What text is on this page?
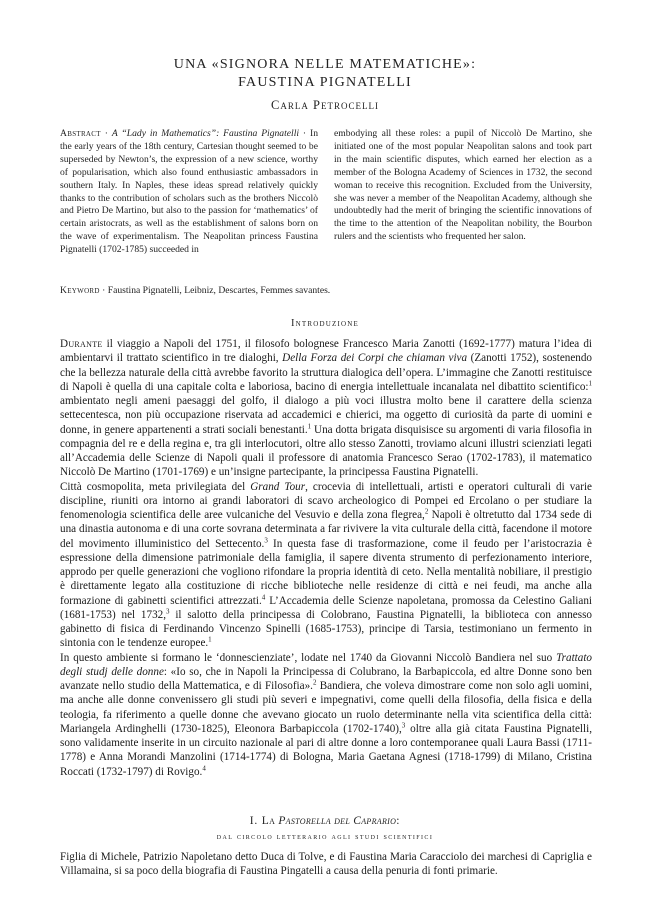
UNA «SIGNORA NELLE MATEMATICHE»:
FAUSTINA PIGNATELLI
Carla Petrocelli
Abstract · A “Lady in Mathematics”: Faustina Pignatelli · In the early years of the 18th century, Cartesian thought seemed to be superseded by Newton’s, the expression of a new science, worthy of popularisation, which also found enthusiastic ambassadors in southern Italy. In Naples, these ideas spread relatively quickly thanks to the contribution of scholars such as the brothers Niccolò and Pietro De Martino, but also to the passion for ‘mathematics’ of certain aristocrats, as well as the establishment of salons born on the wave of experimentalism. The Neapolitan princess Faustina Pignatelli (1702-1785) succeeded in
embodying all these roles: a pupil of Niccolò De Martino, she initiated one of the most popular Neapolitan salons and took part in the main scientific disputes, which earned her election as a member of the Bologna Academy of Sciences in 1732, the second woman to receive this recognition. Excluded from the University, she was never a member of the Neapolitan Academy, although she undoubtedly had the merit of bringing the scientific innovations of the time to the attention of the Neapolitan nobility, the Bourbon rulers and the scientists who frequented her salon.
Keyword · Faustina Pignatelli, Leibniz, Descartes, Femmes savantes.
Introduzione

Durante il viaggio a Napoli del 1751, il filosofo bolognese Francesco Maria Zanotti (1692-1777) matura l’idea di ambientarvi il trattato scientifico in tre dialoghi, Della Forza dei Corpi che chiaman viva (Zanotti 1752), sostenendo che la bellezza naturale della città avrebbe favorito la struttura dialogica dell’opera. L’immagine che Zanotti restituisce di Napoli è quella di una capitale colta e laboriosa, bacino di energia intellettuale incanalata nel dibattito scientifico:$^1$ ambientato negli ameni paesaggi del golfo, il dialogo a più voci illustra molto bene il carattere della scienza settecentesca, non più occupazione riservata ad accademici e chierici, ma oggetto di curiosità da parte di uomini e donne, in genere appartenenti a strati sociali benestanti.$^1$ Una dotta brigata disquisisce su argomenti di varia filosofia in compagnia del re e della regina e, tra gli interlocutori, oltre allo stesso Zanotti, troviamo alcuni illustri scienziati legati all’Accademia delle Scienze di Napoli quali il professore di anatomia Francesco Serao (1702-1783), il matematico Niccolò De Martino (1701-1769) e un’insigne partecipante, la principessa Faustina Pignatelli.

Città cosmopolita, meta privilegiata del Grand Tour, crocevia di intellettuali, artisti e operatori culturali di varie discipline, riuniti ora intorno ai grandi laboratori di scavo archeologico di Pompei ed Ercolano o per studiare la fenomenologia scientifica delle aree vulcaniche del Vesuvio e della zona flegrea,$^2$ Napoli è oltretutto dal 1734 sede di una dinastia autonoma e di una corte sovrana determinata a far rivivere la vita culturale della città, facendone il motore del movimento illuministico del Settecento.$^3$ In questa fase di trasformazione, come il feudo per l’aristocrazia è espressione della dimensione patrimoniale della famiglia, il sapere diventa strumento di perfezionamento interiore, approdo per quelle generazioni che vogliono rifondare la propria identità di ceto. Nella mentalità nobiliare, il prestigio è direttamente legato alla costituzione di ricche biblioteche nelle residenze di città e nei feudi, ma anche alla formazione di gabinetti scientifici attrezzati.$^4$ L’Accademia delle Scienze napoletana, promossa da Celestino Galiani (1681-1753) nel 1732,$^3$ il salotto della principessa di Colobrano, Faustina Pignatelli, la biblioteca con annesso gabinetto di fisica di Ferdinando Vincenzo Spinelli (1685-1753), principe di Tarsia, testimoniano un fermento in sintonia con le tendenze europee.$^1$

In questo ambiente si formano le ‘donnescienziate’, lodate nel 1740 da Giovanni Niccolò Bandiera nel suo Trattato degli studj delle donne: «Io so, che in Napoli la Principessa di Colubrano, la Barbapiccola, ed altre Donne sono ben avanzate nello studio della Mattematica, e di Filosofia».$^2$ Bandiera, che voleva dimostrare come non solo agli uomini, ma anche alle donne convenissero gli studi più severi e impegnativi, come quelli della filosofia, della fisica e della teologia, fa riferimento a quelle donne che avevano giocato un ruolo determinante nella vita scientifica della città: Mariangela Ardinghelli (1730-1825), Eleonora Barbapiccola (1702-1740),$^3$ oltre alla già citata Faustina Pignatelli, sono validamente inserite in un circuito nazionale al pari di altre donne a loro contemporanee quali Laura Bassi (1711-1778) e Anna Morandi Manzolini (1714-1774) di Bologna, Maria Gaetana Agnesi (1718-1799) di Milano, Cristina Roccati (1732-1797) di Rovigo.$^4$

I. La Pastorella del Caprario:
dal circolo letterario agli studi scientifici

Figlia di Michele, Patrizio Napoletano detto Duca di Tolve, e di Faustina Maria Caracciolo dei marchesi di Capriglia e Villamaina, si sa poco della biografia di Faustina Pingatelli a causa della penuria di fonti primarie.
